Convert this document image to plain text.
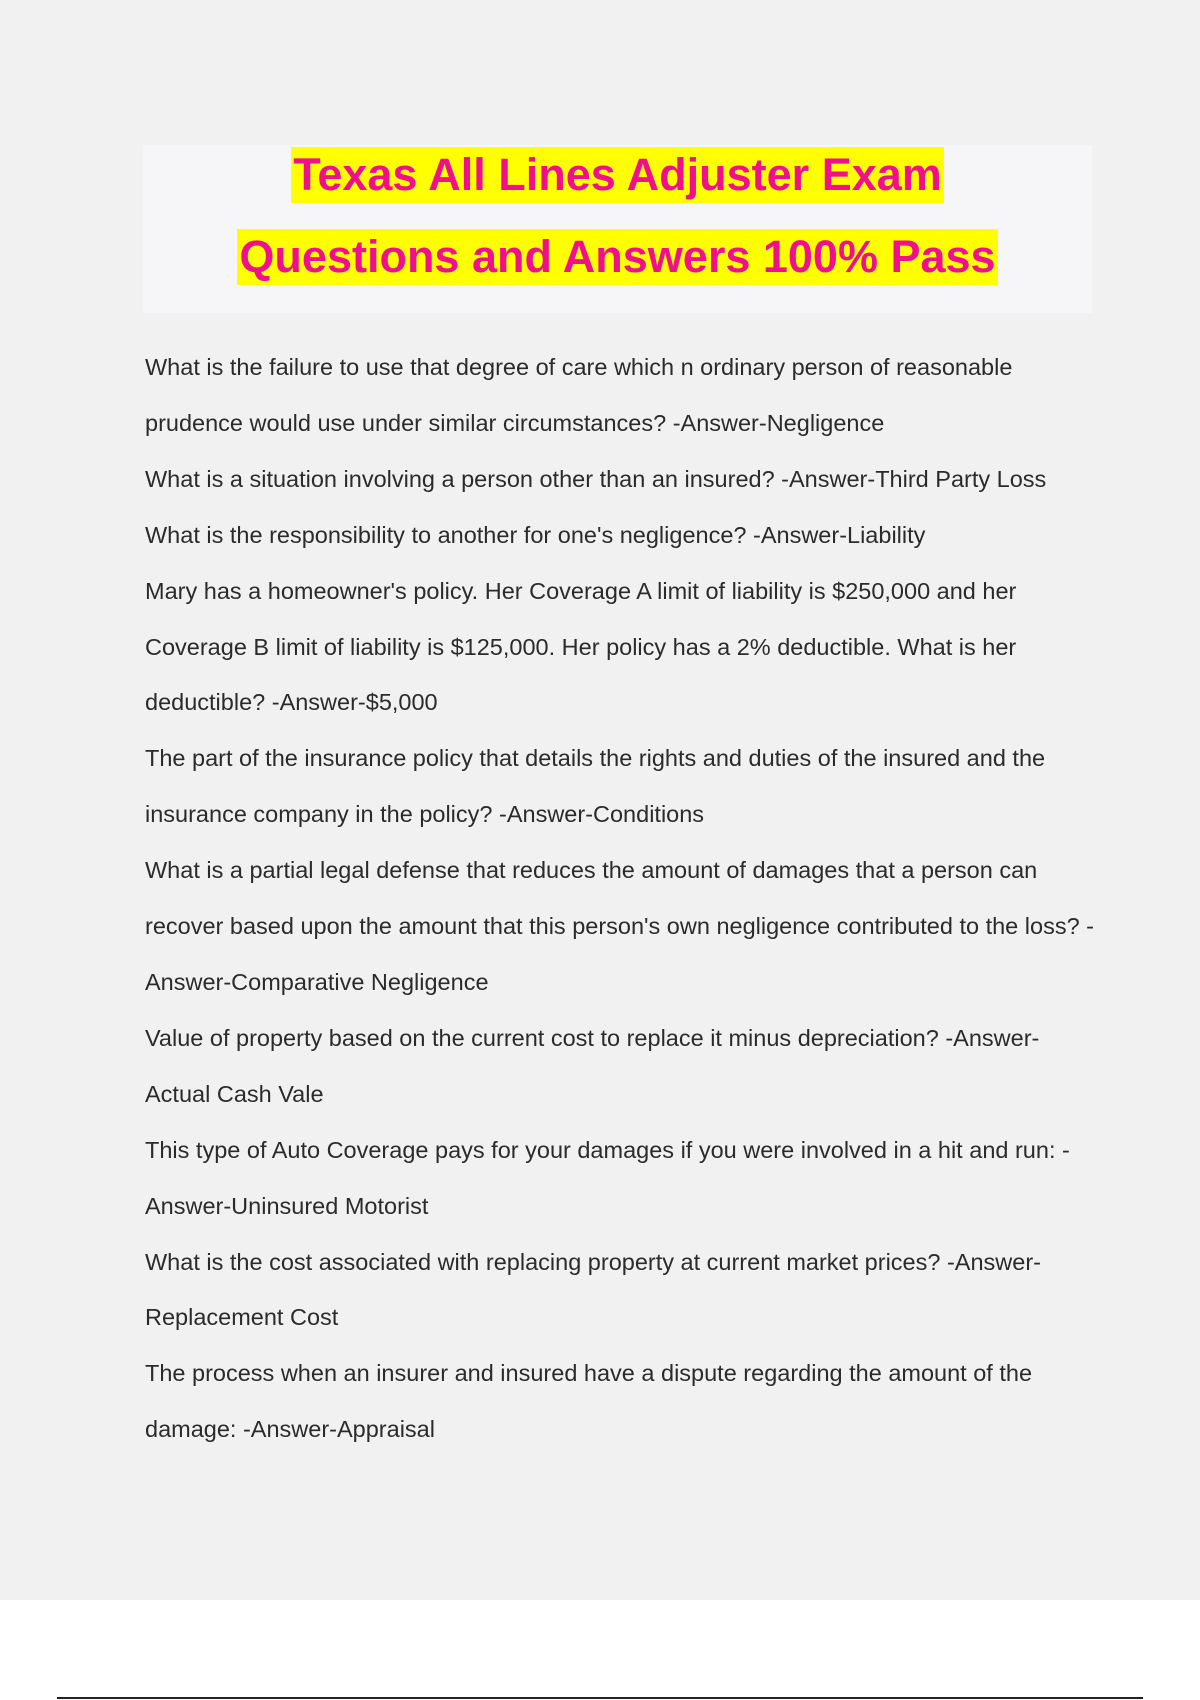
Texas All Lines Adjuster Exam
Questions and Answers 100% Pass

What is the failure to use that degree of care which n ordinary person of reasonable prudence would use under similar circumstances? -Answer-Negligence

What is a situation involving a person other than an insured? -Answer-Third Party Loss

What is the responsibility to another for one's negligence? -Answer-Liability

Mary has a homeowner's policy. Her Coverage A limit of liability is $250,000 and her Coverage B limit of liability is $125,000. Her policy has a 2% deductible. What is her deductible? -Answer-$5,000

The part of the insurance policy that details the rights and duties of the insured and the insurance company in the policy? -Answer-Conditions

What is a partial legal defense that reduces the amount of damages that a person can recover based upon the amount that this person's own negligence contributed to the loss? -Answer-Comparative Negligence

Value of property based on the current cost to replace it minus depreciation? -Answer-Actual Cash Vale

This type of Auto Coverage pays for your damages if you were involved in a hit and run: -Answer-Uninsured Motorist

What is the cost associated with replacing property at current market prices? -Answer-Replacement Cost

The process when an insurer and insured have a dispute regarding the amount of the damage: -Answer-Appraisal
